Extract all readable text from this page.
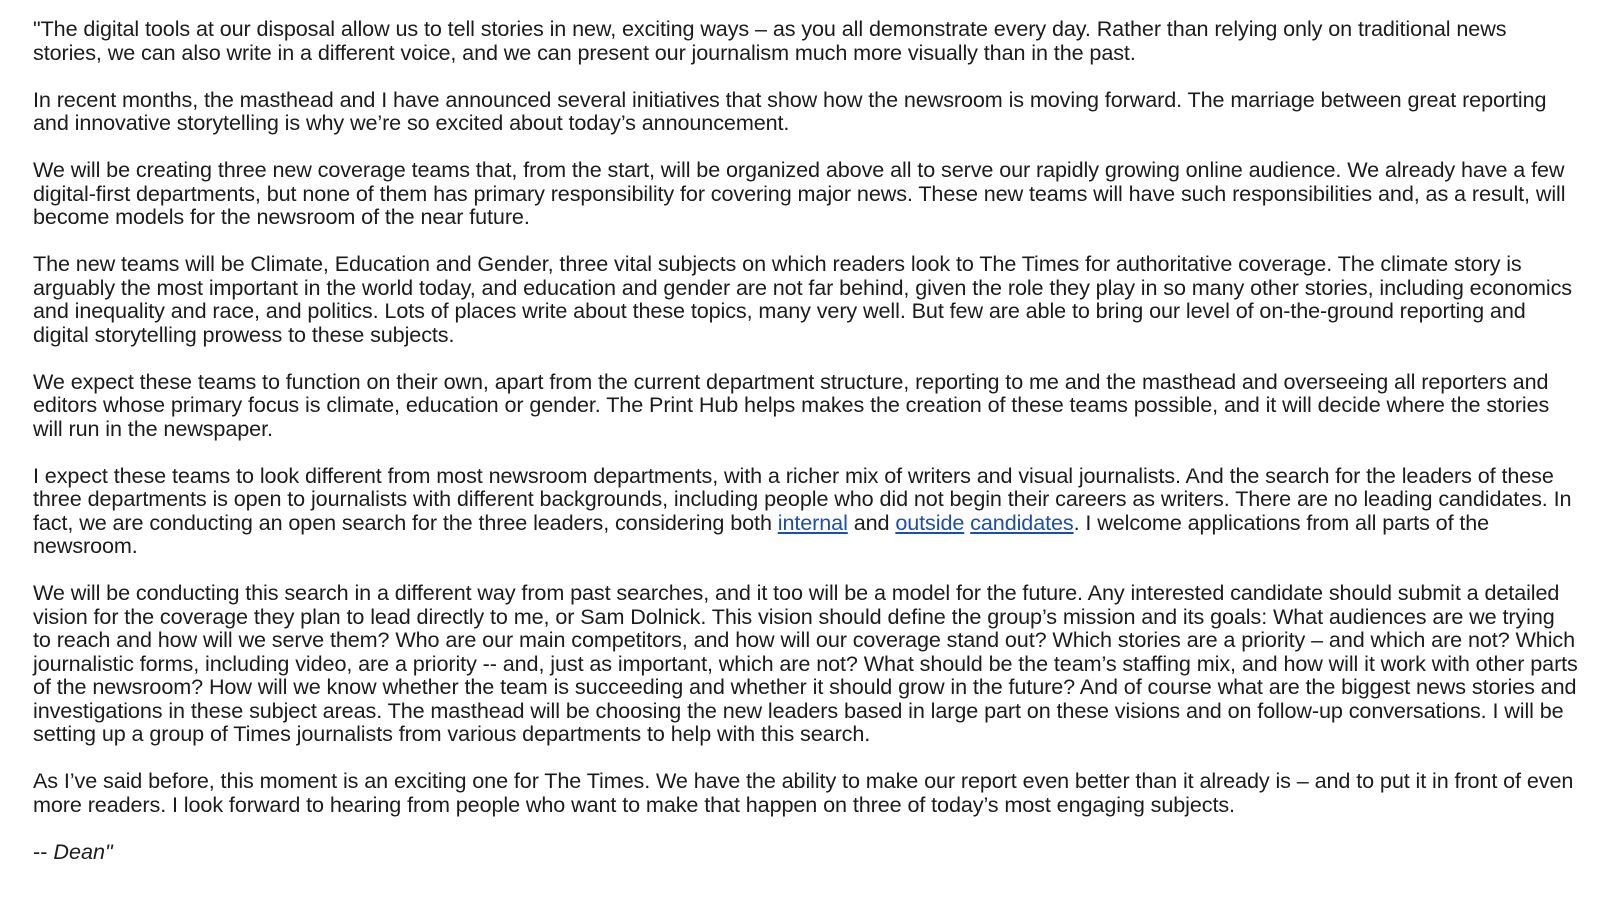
"The digital tools at our disposal allow us to tell stories in new, exciting ways – as you all demonstrate every day. Rather than relying only on traditional news stories, we can also write in a different voice, and we can present our journalism much more visually than in the past.

In recent months, the masthead and I have announced several initiatives that show how the newsroom is moving forward. The marriage between great reporting and innovative storytelling is why we’re so excited about today’s announcement.

We will be creating three new coverage teams that, from the start, will be organized above all to serve our rapidly growing online audience. We already have a few digital-first departments, but none of them has primary responsibility for covering major news. These new teams will have such responsibilities and, as a result, will become models for the newsroom of the near future.

The new teams will be Climate, Education and Gender, three vital subjects on which readers look to The Times for authoritative coverage. The climate story is arguably the most important in the world today, and education and gender are not far behind, given the role they play in so many other stories, including economics and inequality and race, and politics. Lots of places write about these topics, many very well. But few are able to bring our level of on-the-ground reporting and digital storytelling prowess to these subjects.

We expect these teams to function on their own, apart from the current department structure, reporting to me and the masthead and overseeing all reporters and editors whose primary focus is climate, education or gender. The Print Hub helps makes the creation of these teams possible, and it will decide where the stories will run in the newspaper.

I expect these teams to look different from most newsroom departments, with a richer mix of writers and visual journalists. And the search for the leaders of these three departments is open to journalists with different backgrounds, including people who did not begin their careers as writers. There are no leading candidates. In fact, we are conducting an open search for the three leaders, considering both internal and outside candidates. I welcome applications from all parts of the newsroom.

We will be conducting this search in a different way from past searches, and it too will be a model for the future. Any interested candidate should submit a detailed vision for the coverage they plan to lead directly to me, or Sam Dolnick. This vision should define the group’s mission and its goals: What audiences are we trying to reach and how will we serve them? Who are our main competitors, and how will our coverage stand out? Which stories are a priority – and which are not? Which journalistic forms, including video, are a priority -- and, just as important, which are not? What should be the team’s staffing mix, and how will it work with other parts of the newsroom? How will we know whether the team is succeeding and whether it should grow in the future? And of course what are the biggest news stories and investigations in these subject areas. The masthead will be choosing the new leaders based in large part on these visions and on follow-up conversations. I will be setting up a group of Times journalists from various departments to help with this search.

As I’ve said before, this moment is an exciting one for The Times. We have the ability to make our report even better than it already is – and to put it in front of even more readers. I look forward to hearing from people who want to make that happen on three of today’s most engaging subjects.

-- Dean"
